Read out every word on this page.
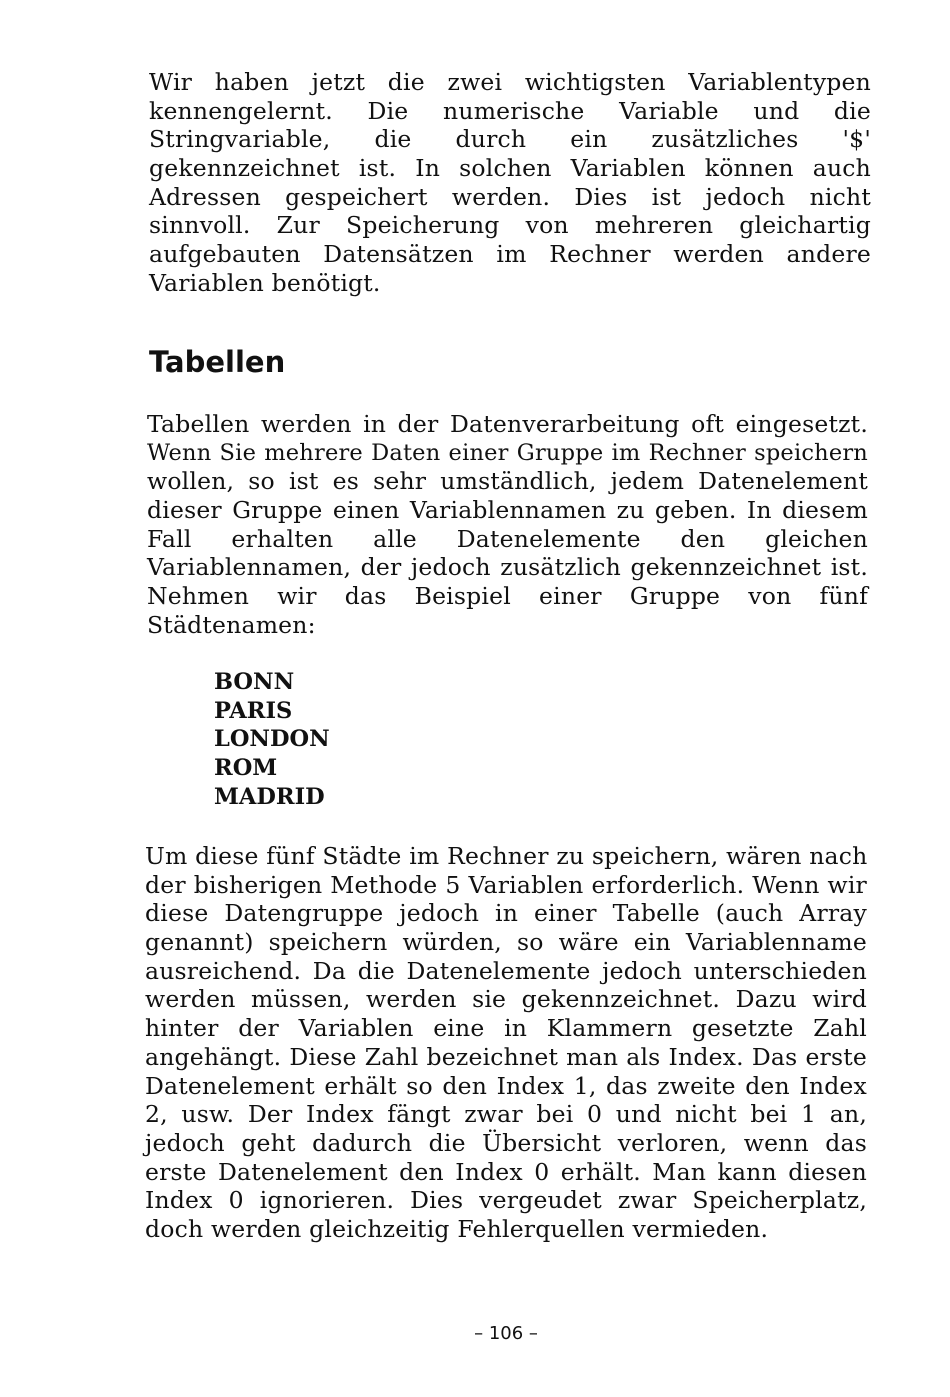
Wir haben jetzt die zwei wichtigsten Variablentypen
kennengelernt. Die numerische Variable und die
Stringvariable, die durch ein zusätzliches '$'
gekennzeichnet ist. In solchen Variablen können auch
Adressen gespeichert werden. Dies ist jedoch nicht
sinnvoll. Zur Speicherung von mehreren gleichartig
aufgebauten Datensätzen im Rechner werden andere
Variablen benötigt.
Tabellen
Tabellen werden in der Datenverarbeitung oft eingesetzt.
Wenn Sie mehrere Daten einer Gruppe im Rechner speichern
wollen, so ist es sehr umständlich, jedem Datenelement
dieser Gruppe einen Variablennamen zu geben. In diesem
Fall erhalten alle Datenelemente den gleichen
Variablennamen, der jedoch zusätzlich gekennzeichnet ist.
Nehmen wir das Beispiel einer Gruppe von fünf
Städtenamen:
BONN
PARIS
LONDON
ROM
MADRID
Um diese fünf Städte im Rechner zu speichern, wären nach
der bisherigen Methode 5 Variablen erforderlich. Wenn wir
diese Datengruppe jedoch in einer Tabelle (auch Array
genannt) speichern würden, so wäre ein Variablenname
ausreichend. Da die Datenelemente jedoch unterschieden
werden müssen, werden sie gekennzeichnet. Dazu wird
hinter der Variablen eine in Klammern gesetzte Zahl
angehängt. Diese Zahl bezeichnet man als Index. Das erste
Datenelement erhält so den Index 1, das zweite den Index
2, usw. Der Index fängt zwar bei 0 und nicht bei 1 an,
jedoch geht dadurch die Übersicht verloren, wenn das
erste Datenelement den Index 0 erhält. Man kann diesen
Index 0 ignorieren. Dies vergeudet zwar Speicherplatz,
doch werden gleichzeitig Fehlerquellen vermieden.
– 106 –
